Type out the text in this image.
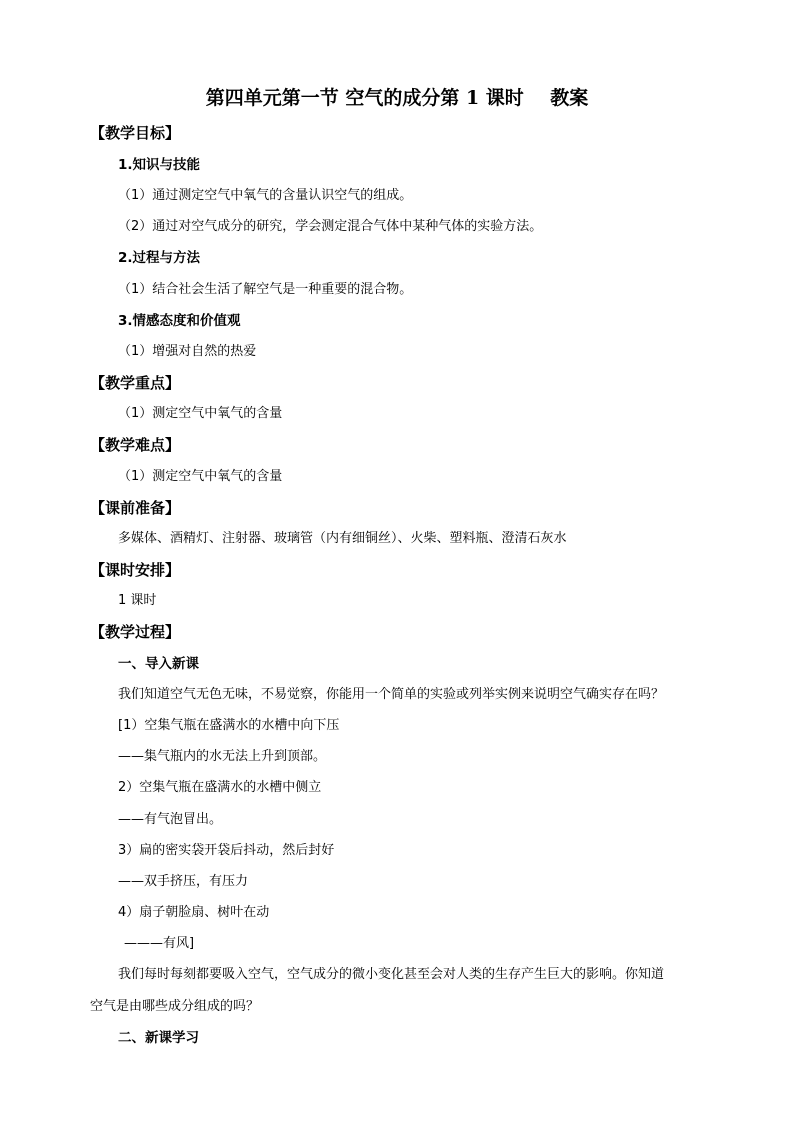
第四单元第一节 空气的成分第 1 课时    教案
【教学目标】
1.知识与技能
（1）通过测定空气中氧气的含量认识空气的组成。
（2）通过对空气成分的研究，学会测定混合气体中某种气体的实验方法。
2.过程与方法
（1）结合社会生活了解空气是一种重要的混合物。
3.情感态度和价值观
（1）增强对自然的热爱
【教学重点】
（1）测定空气中氧气的含量
【教学难点】
（1）测定空气中氧气的含量
【课前准备】
多媒体、酒精灯、注射器、玻璃管（内有细铜丝）、火柴、塑料瓶、澄清石灰水
【课时安排】
1 课时
【教学过程】
一、导入新课
我们知道空气无色无味，不易觉察，你能用一个简单的实验或列举实例来说明空气确实存在吗？
[1）空集气瓶在盛满水的水槽中向下压
——集气瓶内的水无法上升到顶部。
2）空集气瓶在盛满水的水槽中侧立
——有气泡冒出。
3）扁的密实袋开袋后抖动，然后封好
——双手挤压，有压力
4）扇子朝脸扇、树叶在动
———有风]
我们每时每刻都要吸入空气，空气成分的微小变化甚至会对人类的生存产生巨大的影响。你知道
空气是由哪些成分组成的吗？
二、新课学习
